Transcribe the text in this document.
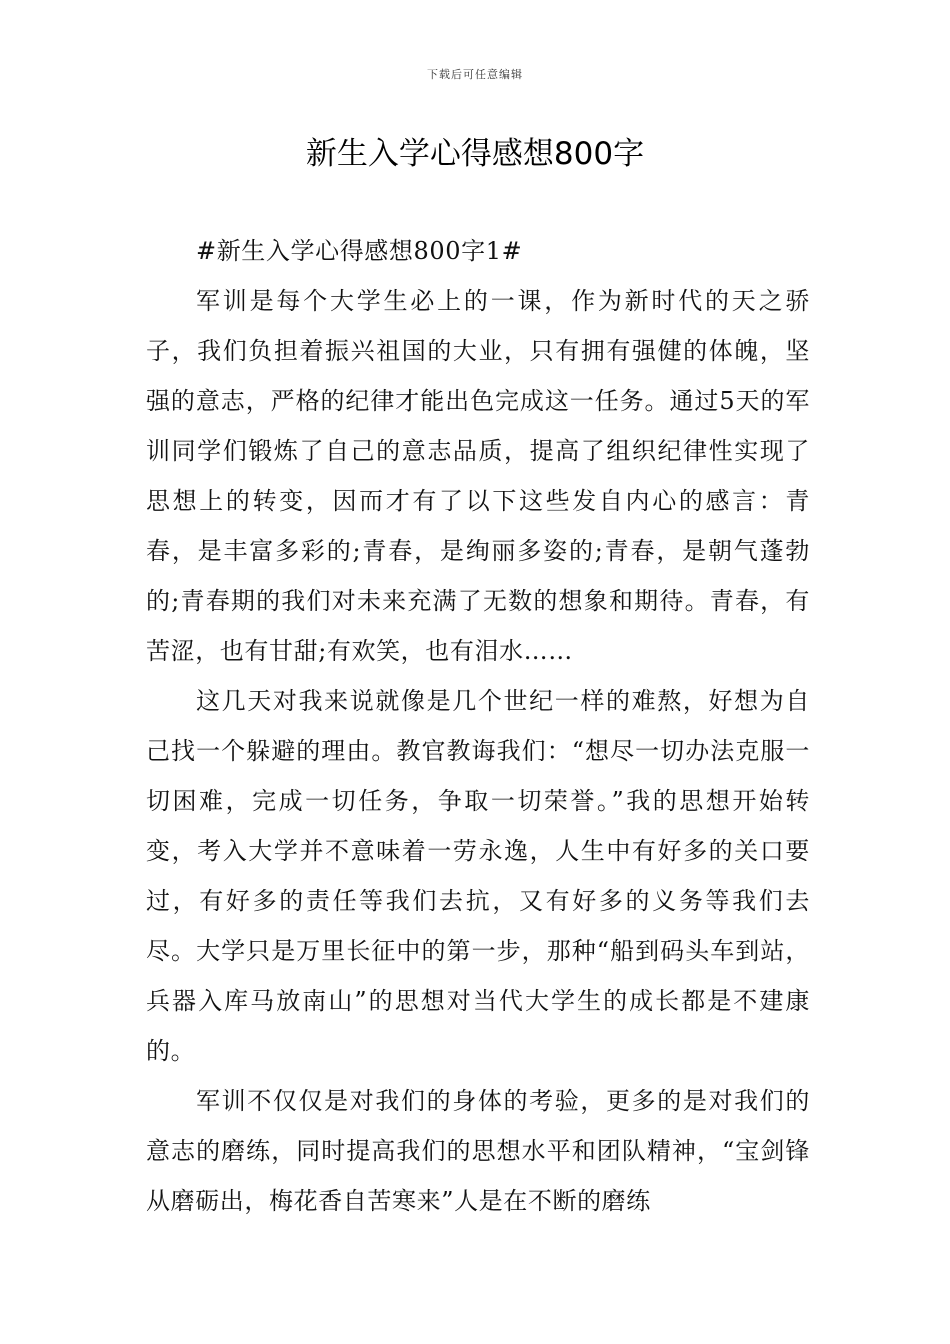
下载后可任意编辑
新生入学心得感想800字

#新生入学心得感想800字1#

军训是每个大学生必上的一课，作为新时代的天之骄子，我们负担着振兴祖国的大业，只有拥有强健的体魄，坚强的意志，严格的纪律才能出色完成这一任务。通过5天的军训同学们锻炼了自己的意志品质，提高了组织纪律性实现了思想上的转变，因而才有了以下这些发自内心的感言：青春，是丰富多彩的;青春，是绚丽多姿的;青春，是朝气蓬勃的;青春期的我们对未来充满了无数的想象和期待。青春，有苦涩，也有甘甜;有欢笑，也有泪水……

这几天对我来说就像是几个世纪一样的难熬，好想为自己找一个躲避的理由。教官教诲我们：“想尽一切办法克服一切困难，完成一切任务，争取一切荣誉。”我的思想开始转变，考入大学并不意味着一劳永逸，人生中有好多的关口要过，有好多的责任等我们去抗，又有好多的义务等我们去尽。大学只是万里长征中的第一步，那种“船到码头车到站，兵器入库马放南山”的思想对当代大学生的成长都是不建康的。

军训不仅仅是对我们的身体的考验，更多的是对我们的意志的磨练，同时提高我们的思想水平和团队精神，“宝剑锋从磨砺出，梅花香自苦寒来”人是在不断的磨练
